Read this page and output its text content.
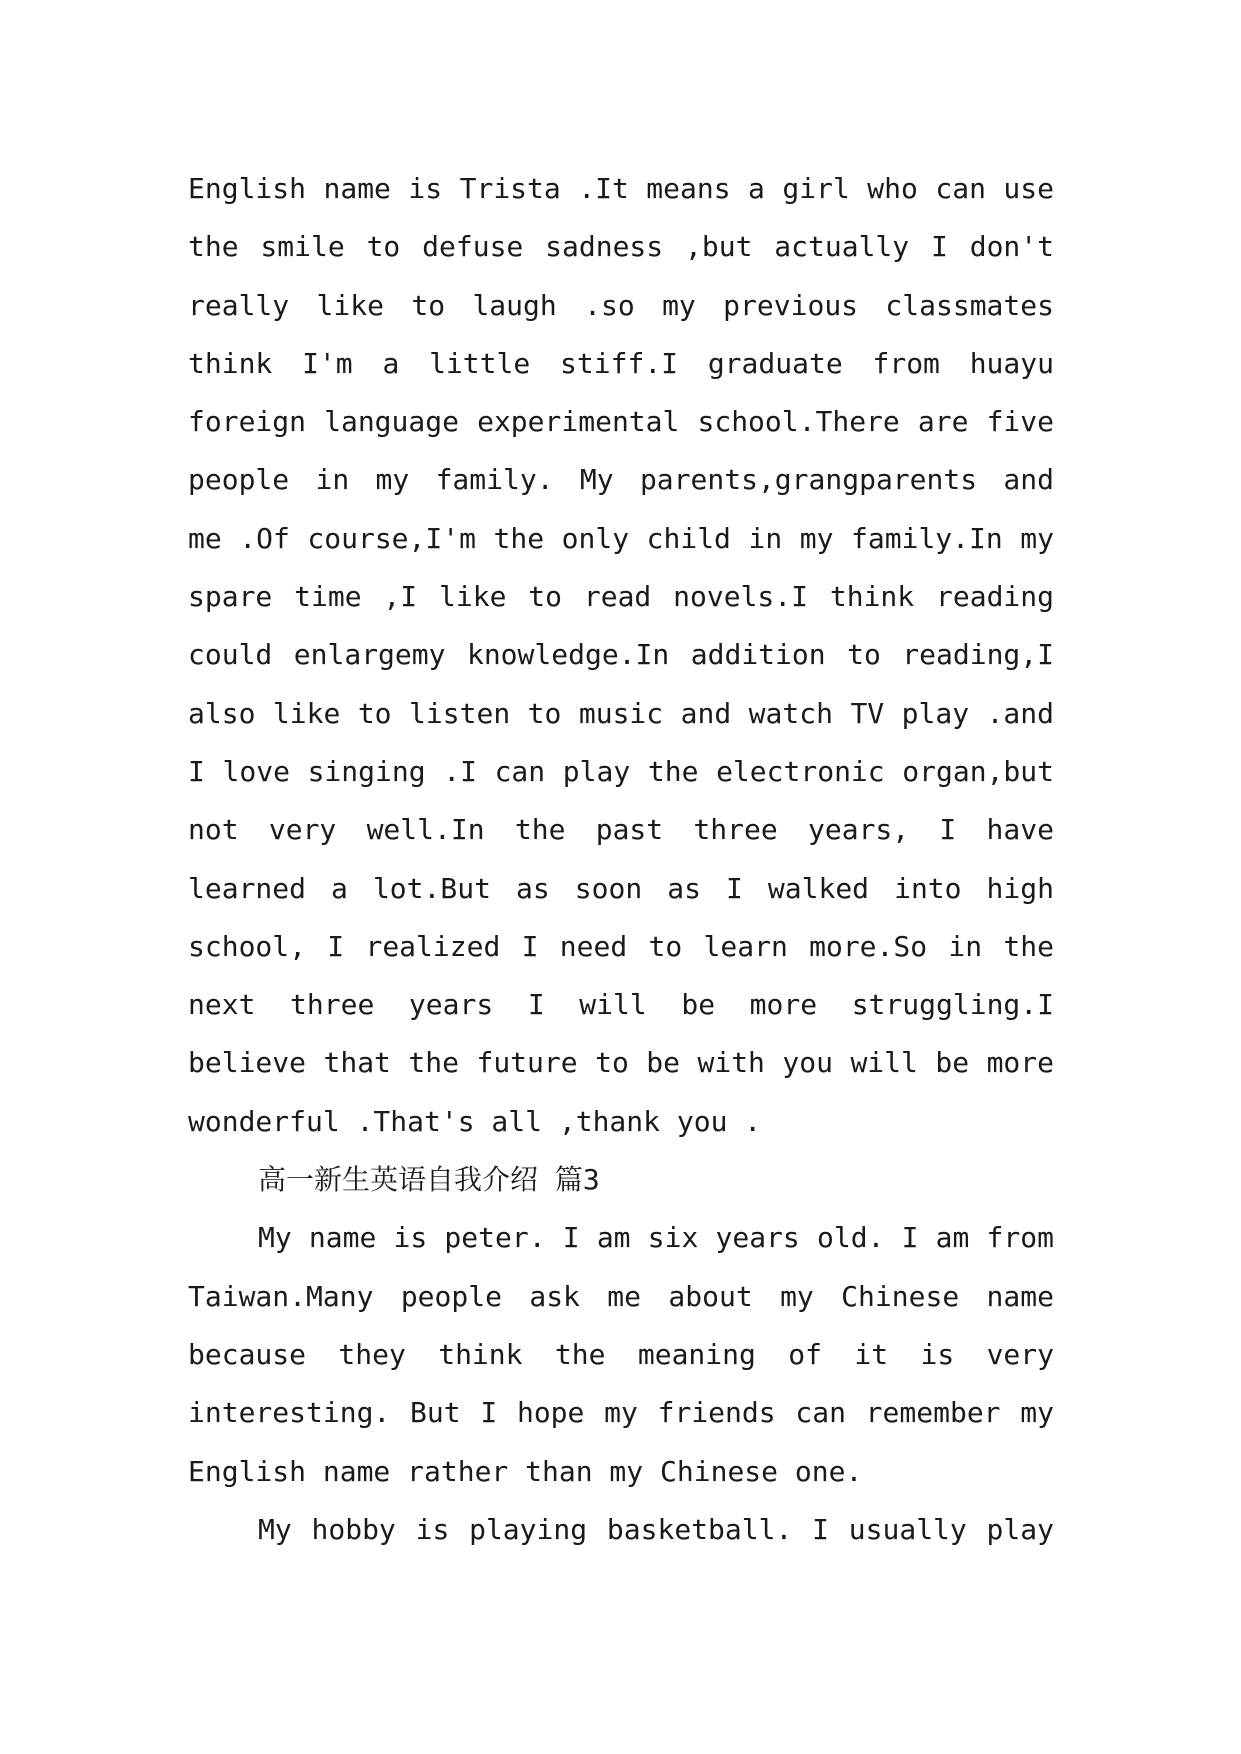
English name is Trista .It means a girl who can use
the smile to defuse sadness ,but actually I don't
really like to laugh .so my previous classmates
think I'm a little stiff.I graduate from huayu
foreign language experimental school.There are five
people in my family. My parents,grangparents and
me .Of course,I'm the only child in my family.In my
spare time ,I like to read novels.I think reading
could enlargemy knowledge.In addition to reading,I
also like to listen to music and watch TV play .and
I love singing .I can play the electronic organ,but
not very well.In the past three years, I have
learned a lot.But as soon as I walked into high
school, I realized I need to learn more.So in the
next three years I will be more struggling.I
believe that the future to be with you will be more
wonderful .That's all ,thank you .
高一新生英语自我介绍 篇3
My name is peter. I am six years old. I am from
Taiwan.Many people ask me about my Chinese name
because they think the meaning of it is very
interesting. But I hope my friends can remember my
English name rather than my Chinese one.
My hobby is playing basketball. I usually play
